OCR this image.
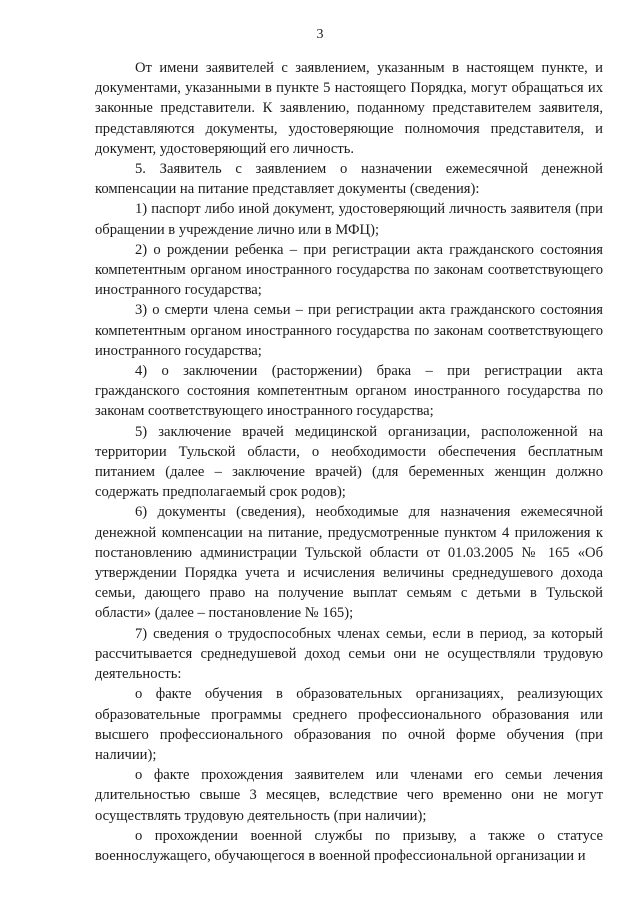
3

От имени заявителей с заявлением, указанным в настоящем пункте, и документами, указанными в пункте 5 настоящего Порядка, могут обращаться их законные представители. К заявлению, поданному представителем заявителя, представляются документы, удостоверяющие полномочия представителя, и документ, удостоверяющий его личность.

5. Заявитель с заявлением о назначении ежемесячной денежной компенсации на питание представляет документы (сведения):

1) паспорт либо иной документ, удостоверяющий личность заявителя (при обращении в учреждение лично или в МФЦ);

2) о рождении ребенка – при регистрации акта гражданского состояния компетентным органом иностранного государства по законам соответствующего иностранного государства;

3) о смерти члена семьи – при регистрации акта гражданского состояния компетентным органом иностранного государства по законам соответствующего иностранного государства;

4) о заключении (расторжении) брака – при регистрации акта гражданского состояния компетентным органом иностранного государства по законам соответствующего иностранного государства;

5) заключение врачей медицинской организации, расположенной на территории Тульской области, о необходимости обеспечения бесплатным питанием (далее – заключение врачей) (для беременных женщин должно содержать предполагаемый срок родов);

6) документы (сведения), необходимые для назначения ежемесячной денежной компенсации на питание, предусмотренные пунктом 4 приложения к постановлению администрации Тульской области от 01.03.2005 № 165 «Об утверждении Порядка учета и исчисления величины среднедушевого дохода семьи, дающего право на получение выплат семьям с детьми в Тульской области» (далее – постановление № 165);

7) сведения о трудоспособных членах семьи, если в период, за который рассчитывается среднедушевой доход семьи они не осуществляли трудовую деятельность:

о факте обучения в образовательных организациях, реализующих образовательные программы среднего профессионального образования или высшего профессионального образования по очной форме обучения (при наличии);

о факте прохождения заявителем или членами его семьи лечения длительностью свыше 3 месяцев, вследствие чего временно они не могут осуществлять трудовую деятельность (при наличии);

о прохождении военной службы по призыву, а также о статусе военнослужащего, обучающегося в военной профессиональной организации и
